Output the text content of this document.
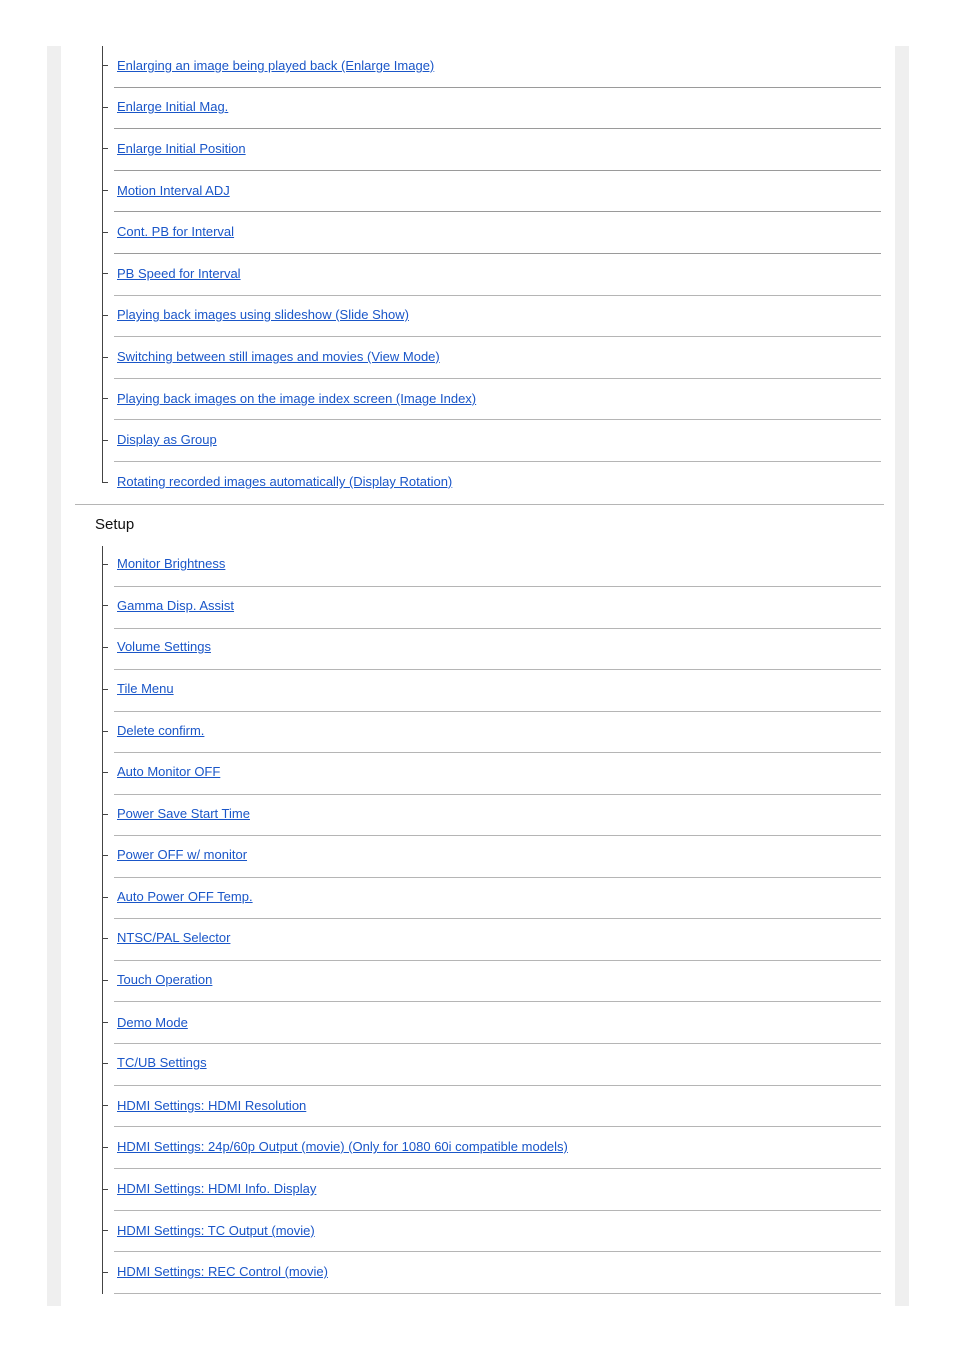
Enlarging an image being played back (Enlarge Image)
Enlarge Initial Mag.
Enlarge Initial Position
Motion Interval ADJ
Cont. PB for Interval
PB Speed for Interval
Playing back images using slideshow (Slide Show)
Switching between still images and movies (View Mode)
Playing back images on the image index screen (Image Index)
Display as Group
Rotating recorded images automatically (Display Rotation)
Setup
Monitor Brightness
Gamma Disp. Assist
Volume Settings
Tile Menu
Delete confirm.
Auto Monitor OFF
Power Save Start Time
Power OFF w/ monitor
Auto Power OFF Temp.
NTSC/PAL Selector
Touch Operation
Demo Mode
TC/UB Settings
HDMI Settings: HDMI Resolution
HDMI Settings: 24p/60p Output (movie) (Only for 1080 60i compatible models)
HDMI Settings: HDMI Info. Display
HDMI Settings: TC Output (movie)
HDMI Settings: REC Control (movie)
